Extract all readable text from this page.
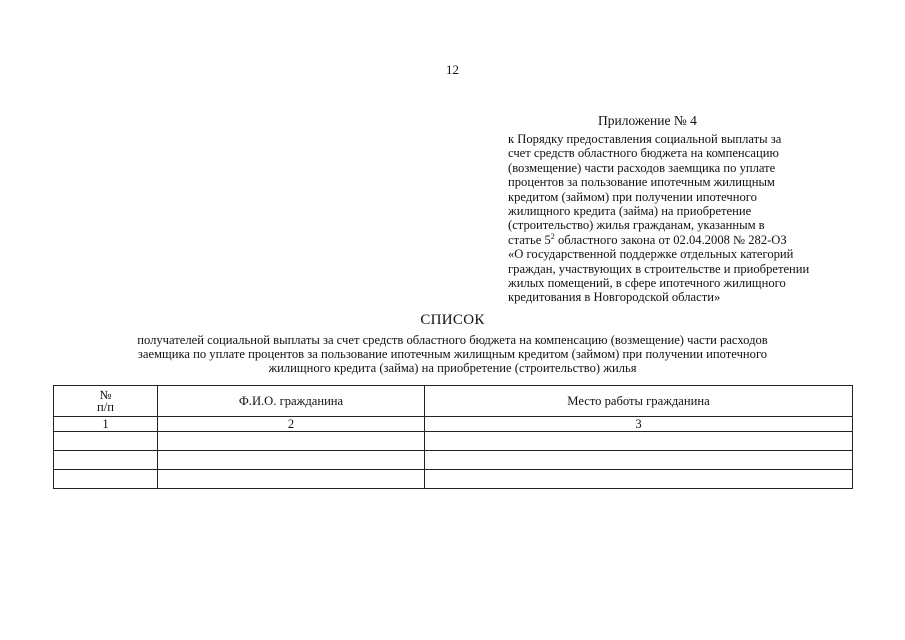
12
Приложение № 4
к Порядку предоставления социальной выплаты за
счет средств областного бюджета на компенсацию
(возмещение) части расходов заемщика по уплате
процентов за пользование ипотечным жилищным
кредитом (займом) при получении ипотечного
жилищного кредита (займа) на приобретение
(строительство) жилья гражданам, указанным в
статье $5^2$ областного закона от 02.04.2008 № 282-ОЗ
«О государственной поддержке отдельных категорий
граждан, участвующих в строительстве и приобретении
жилых помещений, в сфере ипотечного жилищного
кредитования в Новгородской области»
СПИСОК
получателей социальной выплаты за счет средств областного бюджета на компенсацию (возмещение) части расходов
заемщика по уплате процентов за пользование ипотечным жилищным кредитом (займом) при получении ипотечного
жилищного кредита (займа) на приобретение (строительство) жилья
№
п/п	Ф.И.О. гражданина	Место работы гражданина
1	2	3
